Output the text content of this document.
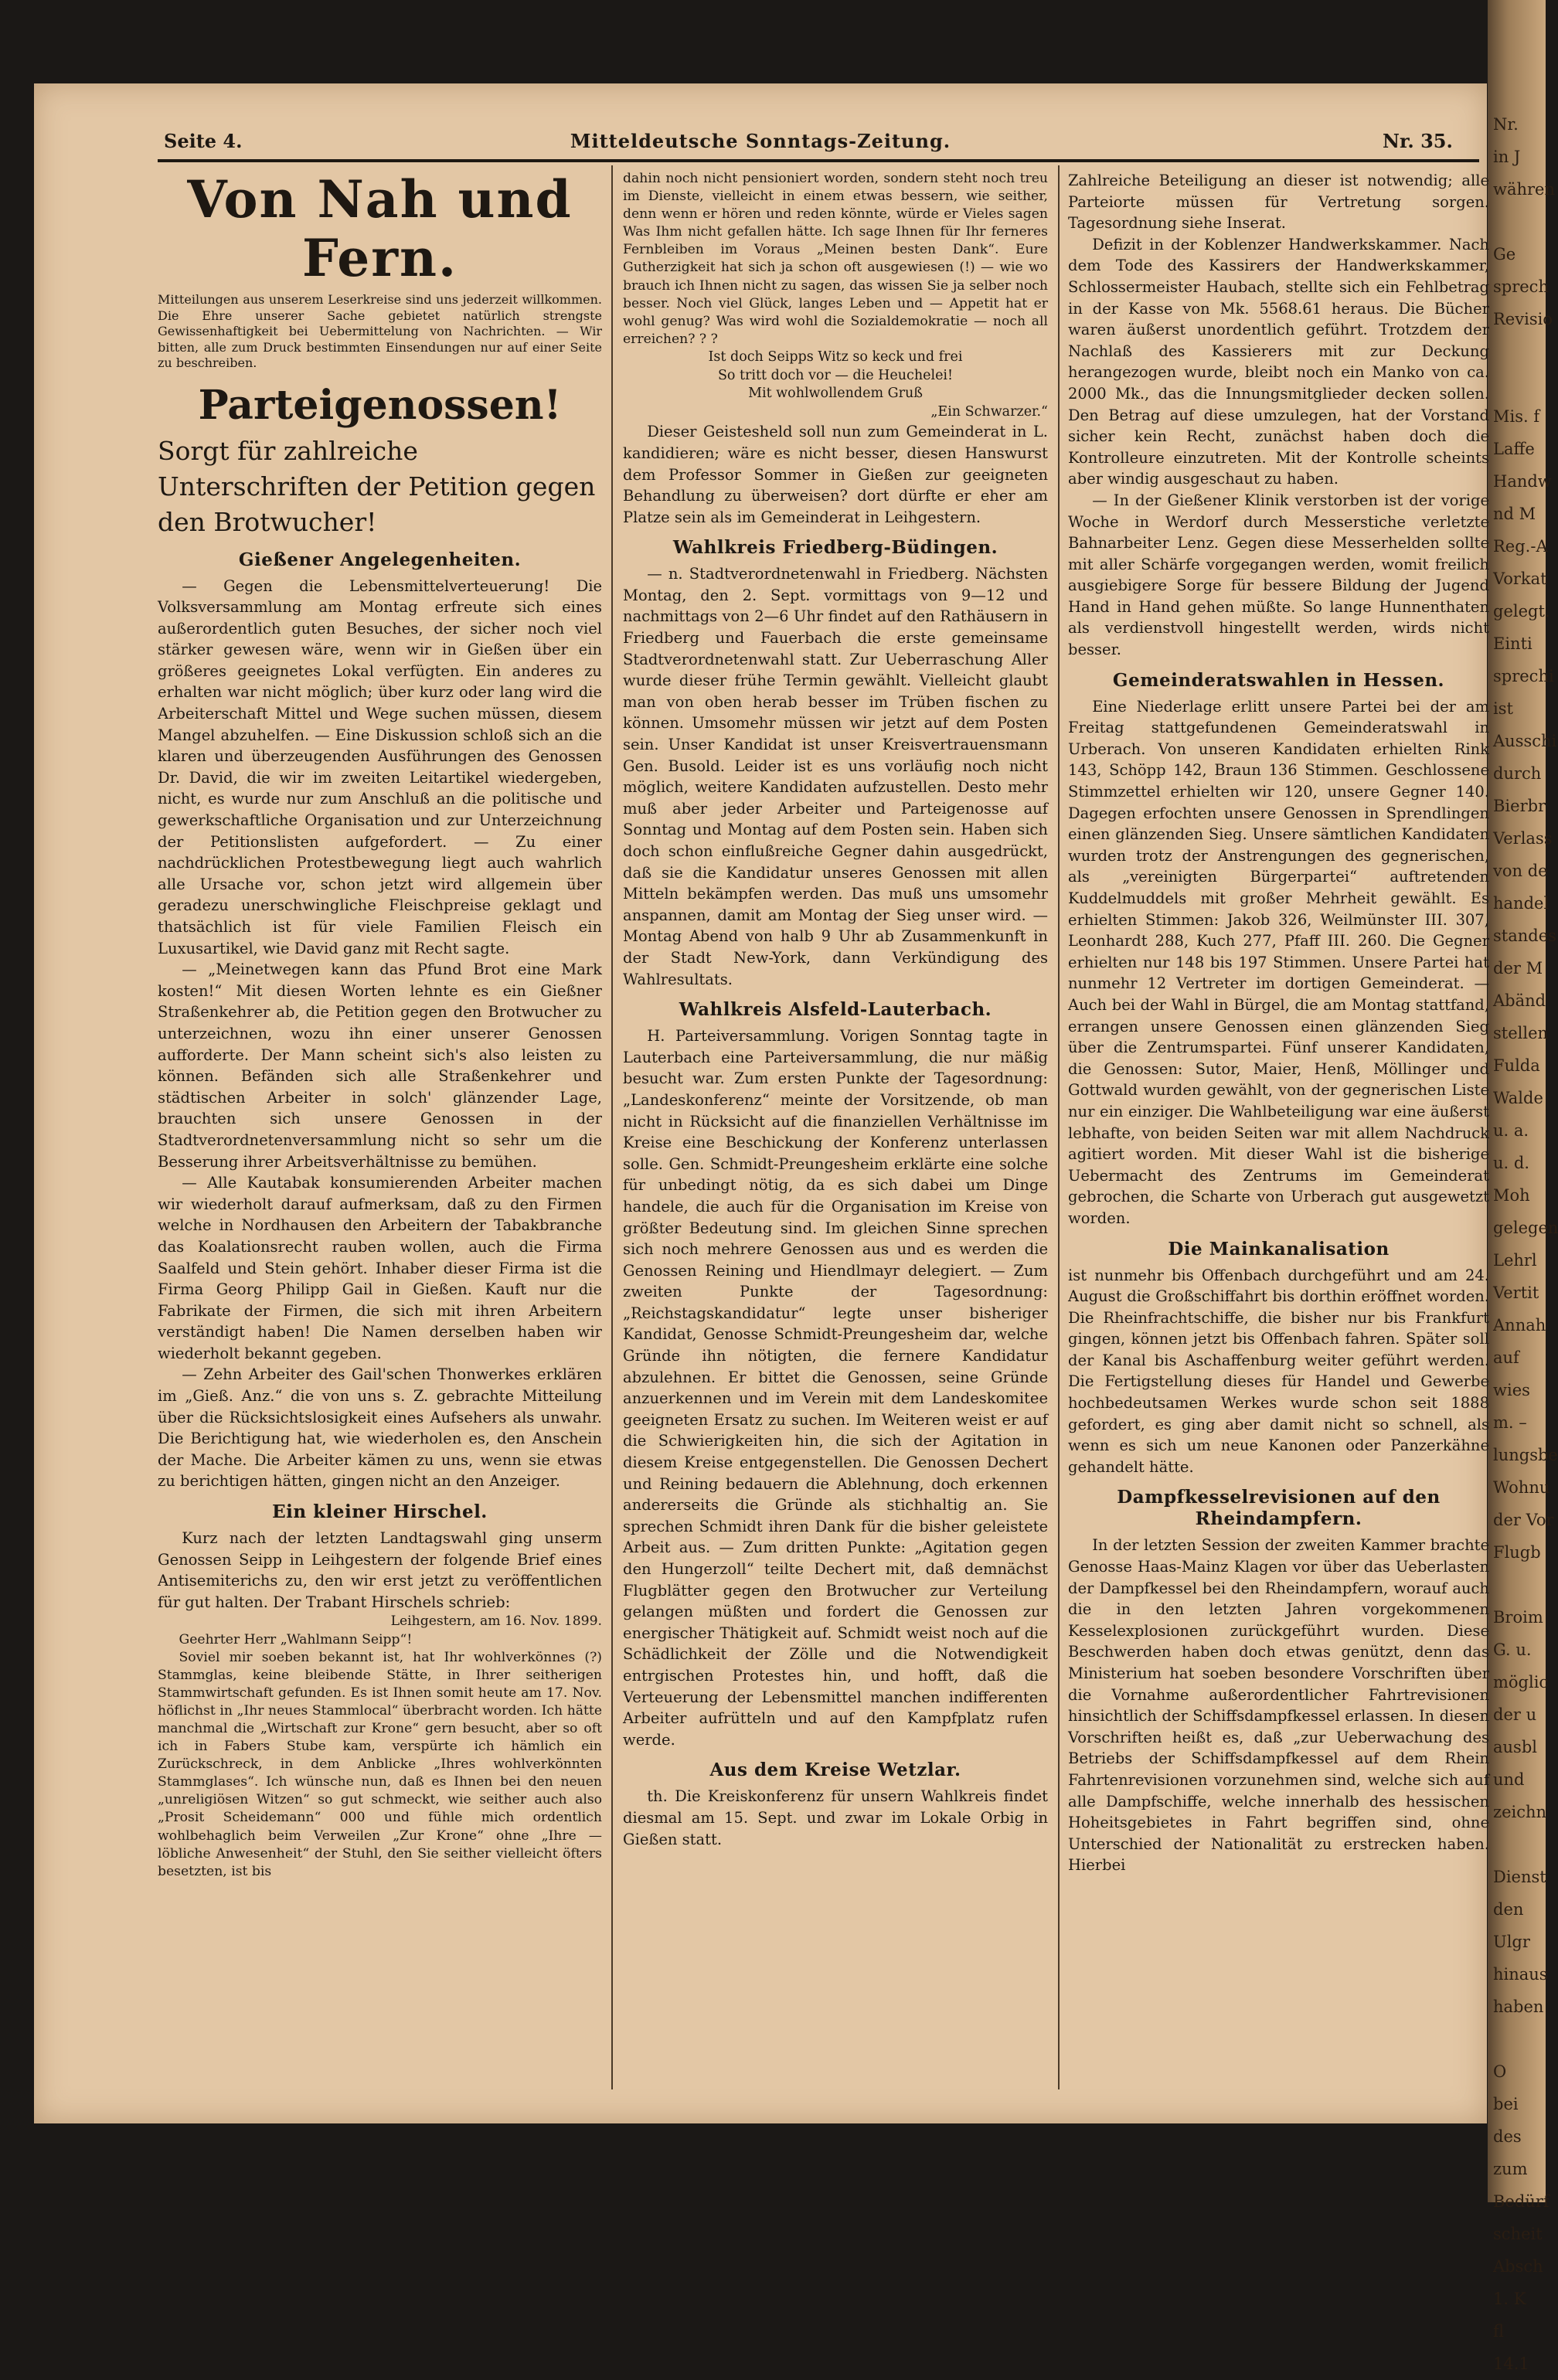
Nr.
in J
währen
Ge
sprech
Revisio
Mis. f
Laffe
Handw
nd M
Reg.-A
Vorkat
gelegt.
Einti
sprechi
ist
Ausschi
durch
Bierbr
Verlass
von de
handel
standes
der M
Abänd
stellen
Fulda
Walde
u. a.
u. d.
Moh
gelegen
Lehrl
Vertit
Annah
auf
wies
m. –
lungsbe
Wohnu
der Vor
Flugb
Broim
G. u.
möglic
der u
ausbl
und
zeichn
Dienst
den
Ulgr
hinaus
haben
O
bei
des
zum
Bedürf
scheit
Absch
1. K
fl
14.1
Seite 4.	Mitteldeutsche Sonntags-Zeitung.	Nr. 35.
Von Nah und Fern.

Mitteilungen aus unserem Leserkreise sind uns jederzeit willkommen. Die Ehre unserer Sache gebietet natürlich strengste Gewissenhaftigkeit bei Uebermittelung von Nachrichten. — Wir bitten, alle zum Druck bestimmten Einsendungen nur auf einer Seite zu beschreiben.

Parteigenossen!
Sorgt für zahlreiche Unterschriften der Petition gegen den Brotwucher!
Gießener Angelegenheiten.

— Gegen die Lebensmittelverteuerung! Die Volksversammlung am Montag erfreute sich eines außerordentlich guten Besuches, der sicher noch viel stärker gewesen wäre, wenn wir in Gießen über ein größeres geeignetes Lokal verfügten. Ein anderes zu erhalten war nicht möglich; über kurz oder lang wird die Arbeiterschaft Mittel und Wege suchen müssen, diesem Mangel abzuhelfen. — Eine Diskussion schloß sich an die klaren und überzeugenden Ausführungen des Genossen Dr. David, die wir im zweiten Leitartikel wiedergeben, nicht, es wurde nur zum Anschluß an die politische und gewerkschaftliche Organisation und zur Unterzeichnung der Petitionslisten aufgefordert. — Zu einer nachdrücklichen Protestbewegung liegt auch wahrlich alle Ursache vor, schon jetzt wird allgemein über geradezu unerschwingliche Fleischpreise geklagt und thatsächlich ist für viele Familien Fleisch ein Luxusartikel, wie David ganz mit Recht sagte.

— „Meinetwegen kann das Pfund Brot eine Mark kosten!“ Mit diesen Worten lehnte es ein Gießner Straßenkehrer ab, die Petition gegen den Brotwucher zu unterzeichnen, wozu ihn einer unserer Genossen aufforderte. Der Mann scheint sich's also leisten zu können. Befänden sich alle Straßenkehrer und städtischen Arbeiter in solch' glänzender Lage, brauchten sich unsere Genossen in der Stadtverordnetenversammlung nicht so sehr um die Besserung ihrer Arbeitsverhältnisse zu bemühen.

— Alle Kautabak konsumierenden Arbeiter machen wir wiederholt darauf aufmerksam, daß zu den Firmen welche in Nordhausen den Arbeitern der Tabakbranche das Koalationsrecht rauben wollen, auch die Firma Saalfeld und Stein gehört. Inhaber dieser Firma ist die Firma Georg Philipp Gail in Gießen. Kauft nur die Fabrikate der Firmen, die sich mit ihren Arbeitern verständigt haben! Die Namen derselben haben wir wiederholt bekannt gegeben.

— Zehn Arbeiter des Gail'schen Thonwerkes erklären im „Gieß. Anz.“ die von uns s. Z. gebrachte Mitteilung über die Rücksichtslosigkeit eines Aufsehers als unwahr. Die Berichtigung hat, wie wiederholen es, den Anschein der Mache. Die Arbeiter kämen zu uns, wenn sie etwas zu berichtigen hätten, gingen nicht an den Anzeiger.

Ein kleiner Hirschel.

Kurz nach der letzten Landtagswahl ging unserm Genossen Seipp in Leihgestern der folgende Brief eines Antisemiterichs zu, den wir erst jetzt zu veröffentlichen für gut halten. Der Trabant Hirschels schrieb:

Leihgestern, am 16. Nov. 1899.

Geehrter Herr „Wahlmann Seipp“!

Soviel mir soeben bekannt ist, hat Ihr wohlverkönnes (?) Stammglas, keine bleibende Stätte, in Ihrer seitherigen Stammwirtschaft gefunden. Es ist Ihnen somit heute am 17. Nov. höflichst in „Ihr neues Stammlocal“ überbracht worden. Ich hätte manchmal die „Wirtschaft zur Krone“ gern besucht, aber so oft ich in Fabers Stube kam, verspürte ich hämlich ein Zurückschreck, in dem Anblicke „Ihres wohlverkönnten Stammglases“. Ich wünsche nun, daß es Ihnen bei den neuen „unreligiösen Witzen“ so gut schmeckt, wie seither auch also „Prosit Scheidemann“ 000 und fühle mich ordentlich wohlbehaglich beim Verweilen „Zur Krone“ ohne „Ihre — löbliche Anwesenheit“ der Stuhl, den Sie seither vielleicht öfters besetzten, ist bis

dahin noch nicht pensioniert worden, sondern steht noch treu im Dienste, vielleicht in einem etwas bessern, wie seither, denn wenn er hören und reden könnte, würde er Vieles sagen Was Ihm nicht gefallen hätte. Ich sage Ihnen für Ihr ferneres Fernbleiben im Voraus „Meinen besten Dank“. Eure Gutherzigkeit hat sich ja schon oft ausgewiesen (!) — wie wo brauch ich Ihnen nicht zu sagen, das wissen Sie ja selber noch besser. Noch viel Glück, langes Leben und — Appetit hat er wohl genug? Was wird wohl die Sozialdemokratie — noch all erreichen? ? ?

Ist doch Seipps Witz so keck und frei

So tritt doch vor — die Heuchelei!

Mit wohlwollendem Gruß

„Ein Schwarzer.“

Dieser Geistesheld soll nun zum Gemeinderat in L. kandidieren; wäre es nicht besser, diesen Hanswurst dem Professor Sommer in Gießen zur geeigneten Behandlung zu überweisen? dort dürfte er eher am Platze sein als im Gemeinderat in Leihgestern.

Wahlkreis Friedberg-Büdingen.

— n. Stadtverordnetenwahl in Friedberg. Nächsten Montag, den 2. Sept. vormittags von 9—12 und nachmittags von 2—6 Uhr findet auf den Rathäusern in Friedberg und Fauerbach die erste gemeinsame Stadtverordnetenwahl statt. Zur Ueberraschung Aller wurde dieser frühe Termin gewählt. Vielleicht glaubt man von oben herab besser im Trüben fischen zu können. Umsomehr müssen wir jetzt auf dem Posten sein. Unser Kandidat ist unser Kreisvertrauensmann Gen. Busold. Leider ist es uns vorläufig noch nicht möglich, weitere Kandidaten aufzustellen. Desto mehr muß aber jeder Arbeiter und Parteigenosse auf Sonntag und Montag auf dem Posten sein. Haben sich doch schon einflußreiche Gegner dahin ausgedrückt, daß sie die Kandidatur unseres Genossen mit allen Mitteln bekämpfen werden. Das muß uns umsomehr anspannen, damit am Montag der Sieg unser wird. — Montag Abend von halb 9 Uhr ab Zusammenkunft in der Stadt New-York, dann Verkündigung des Wahlresultats.

Wahlkreis Alsfeld-Lauterbach.

H. Parteiversammlung. Vorigen Sonntag tagte in Lauterbach eine Parteiversammlung, die nur mäßig besucht war. Zum ersten Punkte der Tagesordnung: „Landeskonferenz“ meinte der Vorsitzende, ob man nicht in Rücksicht auf die finanziellen Verhältnisse im Kreise eine Beschickung der Konferenz unterlassen solle. Gen. Schmidt-Preungesheim erklärte eine solche für unbedingt nötig, da es sich dabei um Dinge handele, die auch für die Organisation im Kreise von größter Bedeutung sind. Im gleichen Sinne sprechen sich noch mehrere Genossen aus und es werden die Genossen Reining und Hiendlmayr delegiert. — Zum zweiten Punkte der Tagesordnung: „Reichstagskandidatur“ legte unser bisheriger Kandidat, Genosse Schmidt-Preungesheim dar, welche Gründe ihn nötigten, die fernere Kandidatur abzulehnen. Er bittet die Genossen, seine Gründe anzuerkennen und im Verein mit dem Landeskomitee geeigneten Ersatz zu suchen. Im Weiteren weist er auf die Schwierigkeiten hin, die sich der Agitation in diesem Kreise entgegenstellen. Die Genossen Dechert und Reining bedauern die Ablehnung, doch erkennen andererseits die Gründe als stichhaltig an. Sie sprechen Schmidt ihren Dank für die bisher geleistete Arbeit aus. — Zum dritten Punkte: „Agitation gegen den Hungerzoll“ teilte Dechert mit, daß demnächst Flugblätter gegen den Brotwucher zur Verteilung gelangen müßten und fordert die Genossen zur energischer Thätigkeit auf. Schmidt weist noch auf die Schädlichkeit der Zölle und die Notwendigkeit entrgischen Protestes hin, und hofft, daß die Verteuerung der Lebensmittel manchen indifferenten Arbeiter aufrütteln und auf den Kampfplatz rufen werde.

Aus dem Kreise Wetzlar.

th. Die Kreiskonferenz für unsern Wahlkreis findet diesmal am 15. Sept. und zwar im Lokale Orbig in Gießen statt.

Zahlreiche Beteiligung an dieser ist notwendig; alle Parteiorte müssen für Vertretung sorgen. Tagesordnung siehe Inserat.

Defizit in der Koblenzer Handwerkskammer. Nach dem Tode des Kassirers der Handwerkskammer, Schlossermeister Haubach, stellte sich ein Fehlbetrag in der Kasse von Mk. 5568.61 heraus. Die Bücher waren äußerst unordentlich geführt. Trotzdem der Nachlaß des Kassierers mit zur Deckung herangezogen wurde, bleibt noch ein Manko von ca. 2000 Mk., das die Innungsmitglieder decken sollen. Den Betrag auf diese umzulegen, hat der Vorstand sicher kein Recht, zunächst haben doch die Kontrolleure einzutreten. Mit der Kontrolle scheints aber windig ausgeschaut zu haben.

— In der Gießener Klinik verstorben ist der vorige Woche in Werdorf durch Messerstiche verletzte Bahnarbeiter Lenz. Gegen diese Messerhelden sollte mit aller Schärfe vorgegangen werden, womit freilich ausgiebigere Sorge für bessere Bildung der Jugend Hand in Hand gehen müßte. So lange Hunnenthaten als verdienstvoll hingestellt werden, wirds nicht besser.

Gemeinderatswahlen in Hessen.

Eine Niederlage erlitt unsere Partei bei der am Freitag stattgefundenen Gemeinderatswahl in Urberach. Von unseren Kandidaten erhielten Rink 143, Schöpp 142, Braun 136 Stimmen. Geschlossene Stimmzettel erhielten wir 120, unsere Gegner 140. Dagegen erfochten unsere Genossen in Sprendlingen einen glänzenden Sieg. Unsere sämtlichen Kandidaten wurden trotz der Anstrengungen des gegnerischen, als „vereinigten Bürgerpartei“ auftretenden Kuddelmuddels mit großer Mehrheit gewählt. Es erhielten Stimmen: Jakob 326, Weilmünster III. 307, Leonhardt 288, Kuch 277, Pfaff III. 260. Die Gegner erhielten nur 148 bis 197 Stimmen. Unsere Partei hat nunmehr 12 Vertreter im dortigen Gemeinderat. — Auch bei der Wahl in Bürgel, die am Montag stattfand, errangen unsere Genossen einen glänzenden Sieg über die Zentrumspartei. Fünf unserer Kandidaten, die Genossen: Sutor, Maier, Henß, Möllinger und Gottwald wurden gewählt, von der gegnerischen Liste nur ein einziger. Die Wahlbeteiligung war eine äußerst lebhafte, von beiden Seiten war mit allem Nachdruck agitiert worden. Mit dieser Wahl ist die bisherige Uebermacht des Zentrums im Gemeinderat gebrochen, die Scharte von Urberach gut ausgewetzt worden.

Die Mainkanalisation

ist nunmehr bis Offenbach durchgeführt und am 24. August die Großschiffahrt bis dorthin eröffnet worden. Die Rheinfrachtschiffe, die bisher nur bis Frankfurt gingen, können jetzt bis Offenbach fahren. Später soll der Kanal bis Aschaffenburg weiter geführt werden. Die Fertigstellung dieses für Handel und Gewerbe hochbedeutsamen Werkes wurde schon seit 1888 gefordert, es ging aber damit nicht so schnell, als wenn es sich um neue Kanonen oder Panzerkähne gehandelt hätte.

Dampfkesselrevisionen auf den Rheindampfern.

In der letzten Session der zweiten Kammer brachte Genosse Haas-Mainz Klagen vor über das Ueberlasten der Dampfkessel bei den Rheindampfern, worauf auch die in den letzten Jahren vorgekommenen Kesselexplosionen zurückgeführt wurden. Diese Beschwerden haben doch etwas genützt, denn das Ministerium hat soeben besondere Vorschriften über die Vornahme außerordentlicher Fahrtrevisionen hinsichtlich der Schiffsdampfkessel erlassen. In diesen Vorschriften heißt es, daß „zur Ueberwachung des Betriebs der Schiffsdampfkessel auf dem Rhein Fahrtenrevisionen vorzunehmen sind, welche sich auf alle Dampfschiffe, welche innerhalb des hessischen Hoheitsgebietes in Fahrt begriffen sind, ohne Unterschied der Nationalität zu erstrecken haben. Hierbei
